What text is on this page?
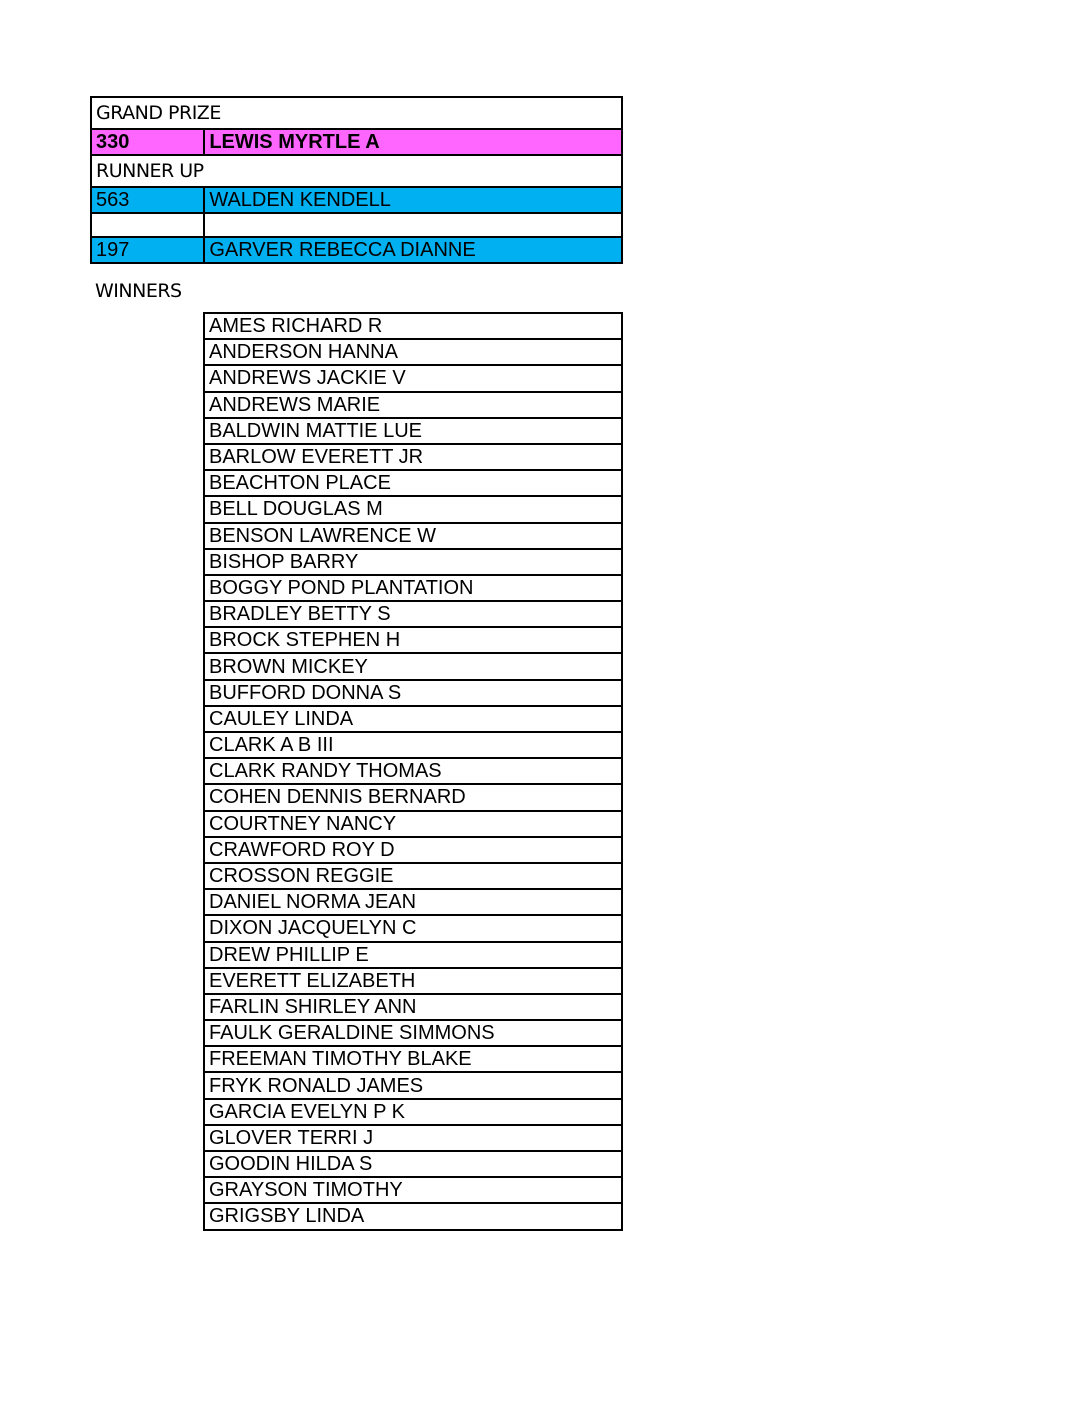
GRAND PRIZE	
330	LEWIS MYRTLE A
RUNNER UP	
563	WALDEN KENDELL

197	GARVER REBECCA DIANNE
WINNERS
AMES RICHARD R
ANDERSON HANNA
ANDREWS JACKIE V
ANDREWS MARIE
BALDWIN MATTIE LUE
BARLOW EVERETT JR
BEACHTON PLACE
BELL DOUGLAS M
BENSON LAWRENCE W
BISHOP BARRY
BOGGY POND PLANTATION
BRADLEY BETTY S
BROCK STEPHEN H
BROWN MICKEY
BUFFORD DONNA S
CAULEY LINDA
CLARK A B III
CLARK RANDY THOMAS
COHEN DENNIS BERNARD
COURTNEY NANCY
CRAWFORD ROY D
CROSSON REGGIE
DANIEL NORMA JEAN
DIXON JACQUELYN C
DREW PHILLIP E
EVERETT ELIZABETH
FARLIN SHIRLEY ANN
FAULK GERALDINE SIMMONS
FREEMAN TIMOTHY BLAKE
FRYK RONALD JAMES
GARCIA EVELYN P K
GLOVER TERRI J
GOODIN HILDA S
GRAYSON TIMOTHY
GRIGSBY LINDA
